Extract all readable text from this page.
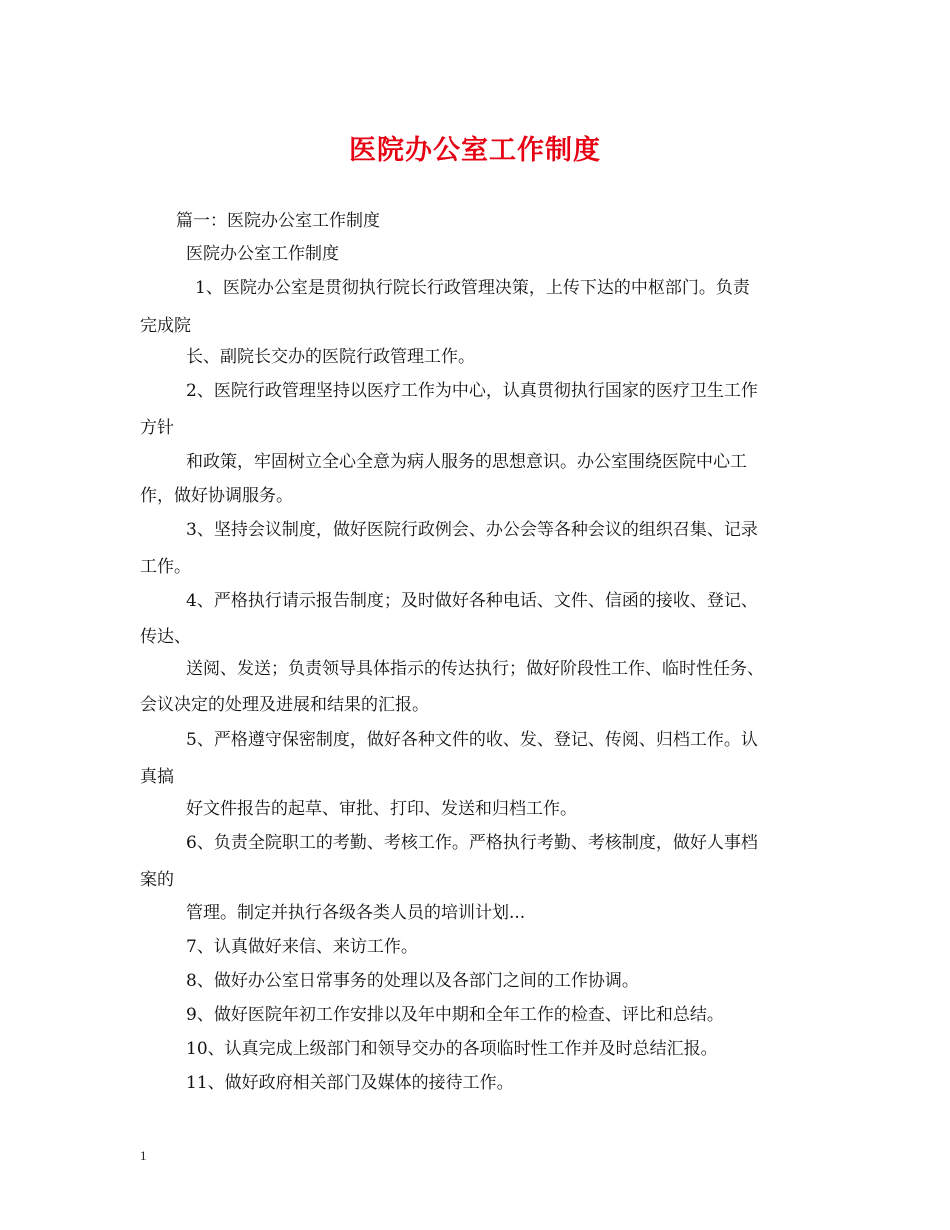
医院办公室工作制度
篇一：医院办公室工作制度
医院办公室工作制度
1、医院办公室是贯彻执行院长行政管理决策，上传下达的中枢部门。负责
完成院
长、副院长交办的医院行政管理工作。
2、医院行政管理坚持以医疗工作为中心，认真贯彻执行国家的医疗卫生工作
方针
和政策，牢固树立全心全意为病人服务的思想意识。办公室围绕医院中心工
作，做好协调服务。
3、坚持会议制度，做好医院行政例会、办公会等各种会议的组织召集、记录
工作。
4、严格执行请示报告制度；及时做好各种电话、文件、信函的接收、登记、
传达、
送阅、发送；负责领导具体指示的传达执行；做好阶段性工作、临时性任务、
会议决定的处理及进展和结果的汇报。
5、严格遵守保密制度，做好各种文件的收、发、登记、传阅、归档工作。认
真搞
好文件报告的起草、审批、打印、发送和归档工作。
6、负责全院职工的考勤、考核工作。严格执行考勤、考核制度，做好人事档
案的
管理。制定并执行各级各类人员的培训计划...
7、认真做好来信、来访工作。
8、做好办公室日常事务的处理以及各部门之间的工作协调。
9、做好医院年初工作安排以及年中期和全年工作的检查、评比和总结。
10、认真完成上级部门和领导交办的各项临时性工作并及时总结汇报。
11、做好政府相关部门及媒体的接待工作。
1
